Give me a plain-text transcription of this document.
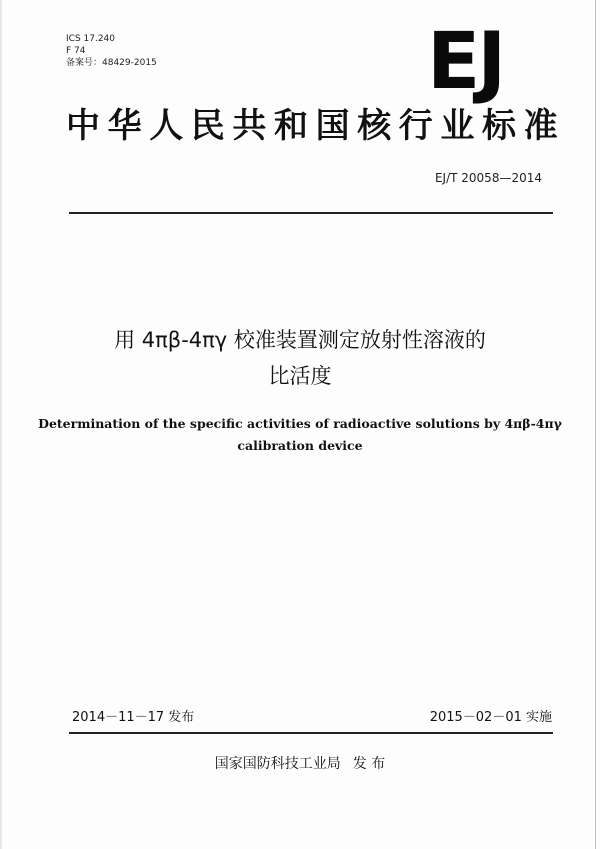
ICS 17.240
F 74
备案号：48429-2015	EJ
中华人民共和国核行业标准
EJ/T 20058—2014
用 4πβ-4πγ 校准装置测定放射性溶液的
比活度
Determination of the specific activities of radioactive solutions by 4πβ-4πγ
calibration device
2014－11－17 发布	2015－02－01 实施
国家国防科技工业局 发 布
